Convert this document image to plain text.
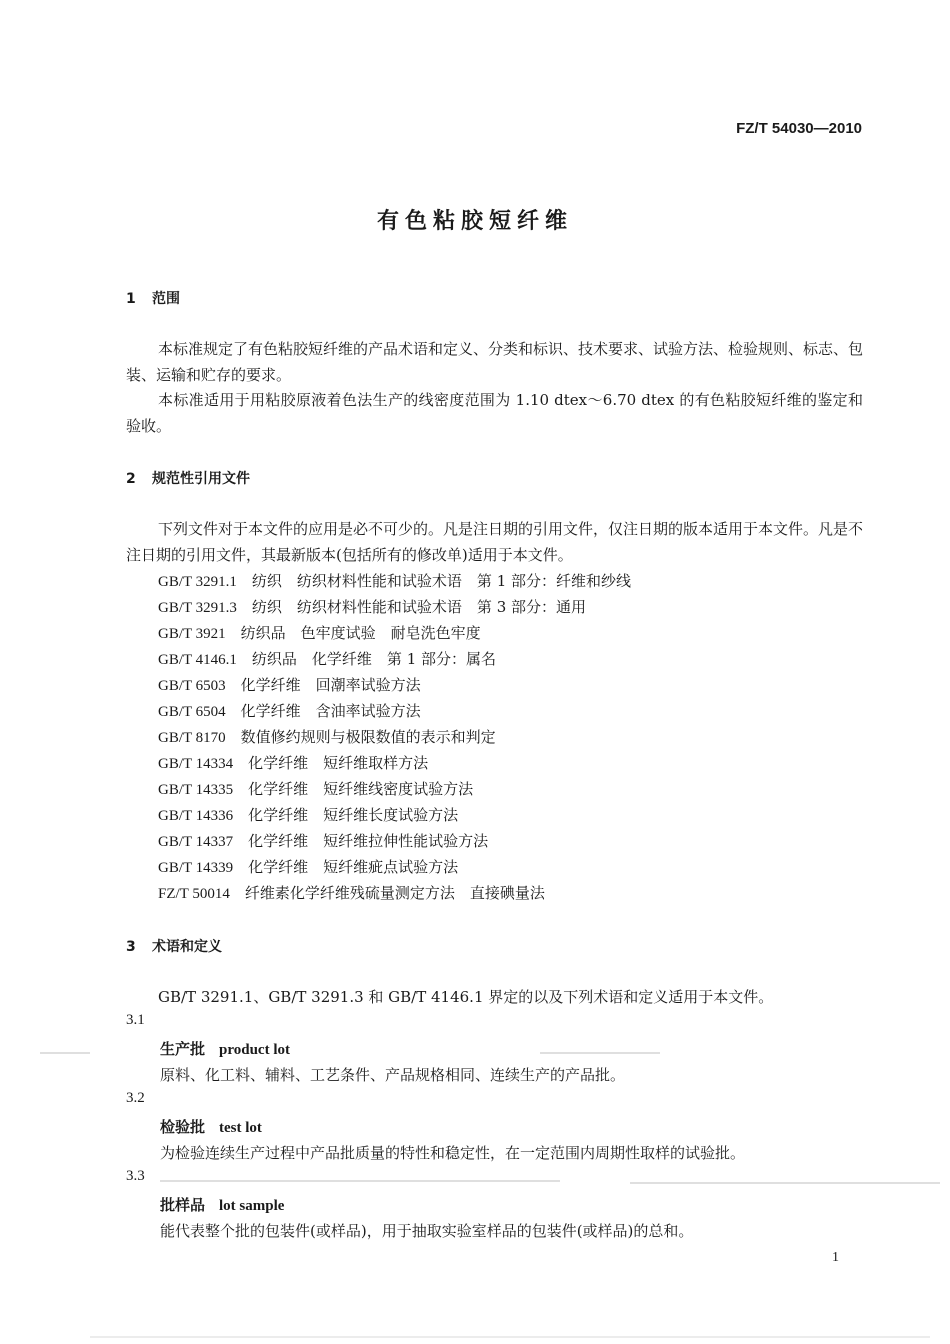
FZ/T 54030—2010
有色粘胶短纤维
1 范围
本标准规定了有色粘胶短纤维的产品术语和定义、分类和标识、技术要求、试验方法、检验规则、标志、包装、运输和贮存的要求。
本标准适用于用粘胶原液着色法生产的线密度范围为 1.10 dtex～6.70 dtex 的有色粘胶短纤维的鉴定和验收。
2 规范性引用文件
下列文件对于本文件的应用是必不可少的。凡是注日期的引用文件，仅注日期的版本适用于本文件。凡是不注日期的引用文件，其最新版本(包括所有的修改单)适用于本文件。
GB/T 3291.1　 纺织　纺织材料性能和试验术语　第 1 部分：纤维和纱线
GB/T 3291.3　 纺织　纺织材料性能和试验术语　第 3 部分：通用
GB/T 3921　 纺织品　色牢度试验　耐皂洗色牢度
GB/T 4146.1　 纺织品　化学纤维　第 1 部分：属名
GB/T 6503　 化学纤维　回潮率试验方法
GB/T 6504　 化学纤维　含油率试验方法
GB/T 8170　 数值修约规则与极限数值的表示和判定
GB/T 14334　 化学纤维　短纤维取样方法
GB/T 14335　 化学纤维　短纤维线密度试验方法
GB/T 14336　 化学纤维　短纤维长度试验方法
GB/T 14337　 化学纤维　短纤维拉伸性能试验方法
GB/T 14339　 化学纤维　短纤维疵点试验方法
FZ/T 50014　 纤维素化学纤维残硫量测定方法　直接碘量法
3 术语和定义
GB/T 3291.1、GB/T 3291.3 和 GB/T 4146.1 界定的以及下列术语和定义适用于本文件。
3.1
生产批 product lot
原料、化工料、辅料、工艺条件、产品规格相同、连续生产的产品批。
3.2
检验批 test lot
为检验连续生产过程中产品批质量的特性和稳定性，在一定范围内周期性取样的试验批。
3.3
批样品 lot sample
能代表整个批的包装件(或样品)，用于抽取实验室样品的包装件(或样品)的总和。
1
